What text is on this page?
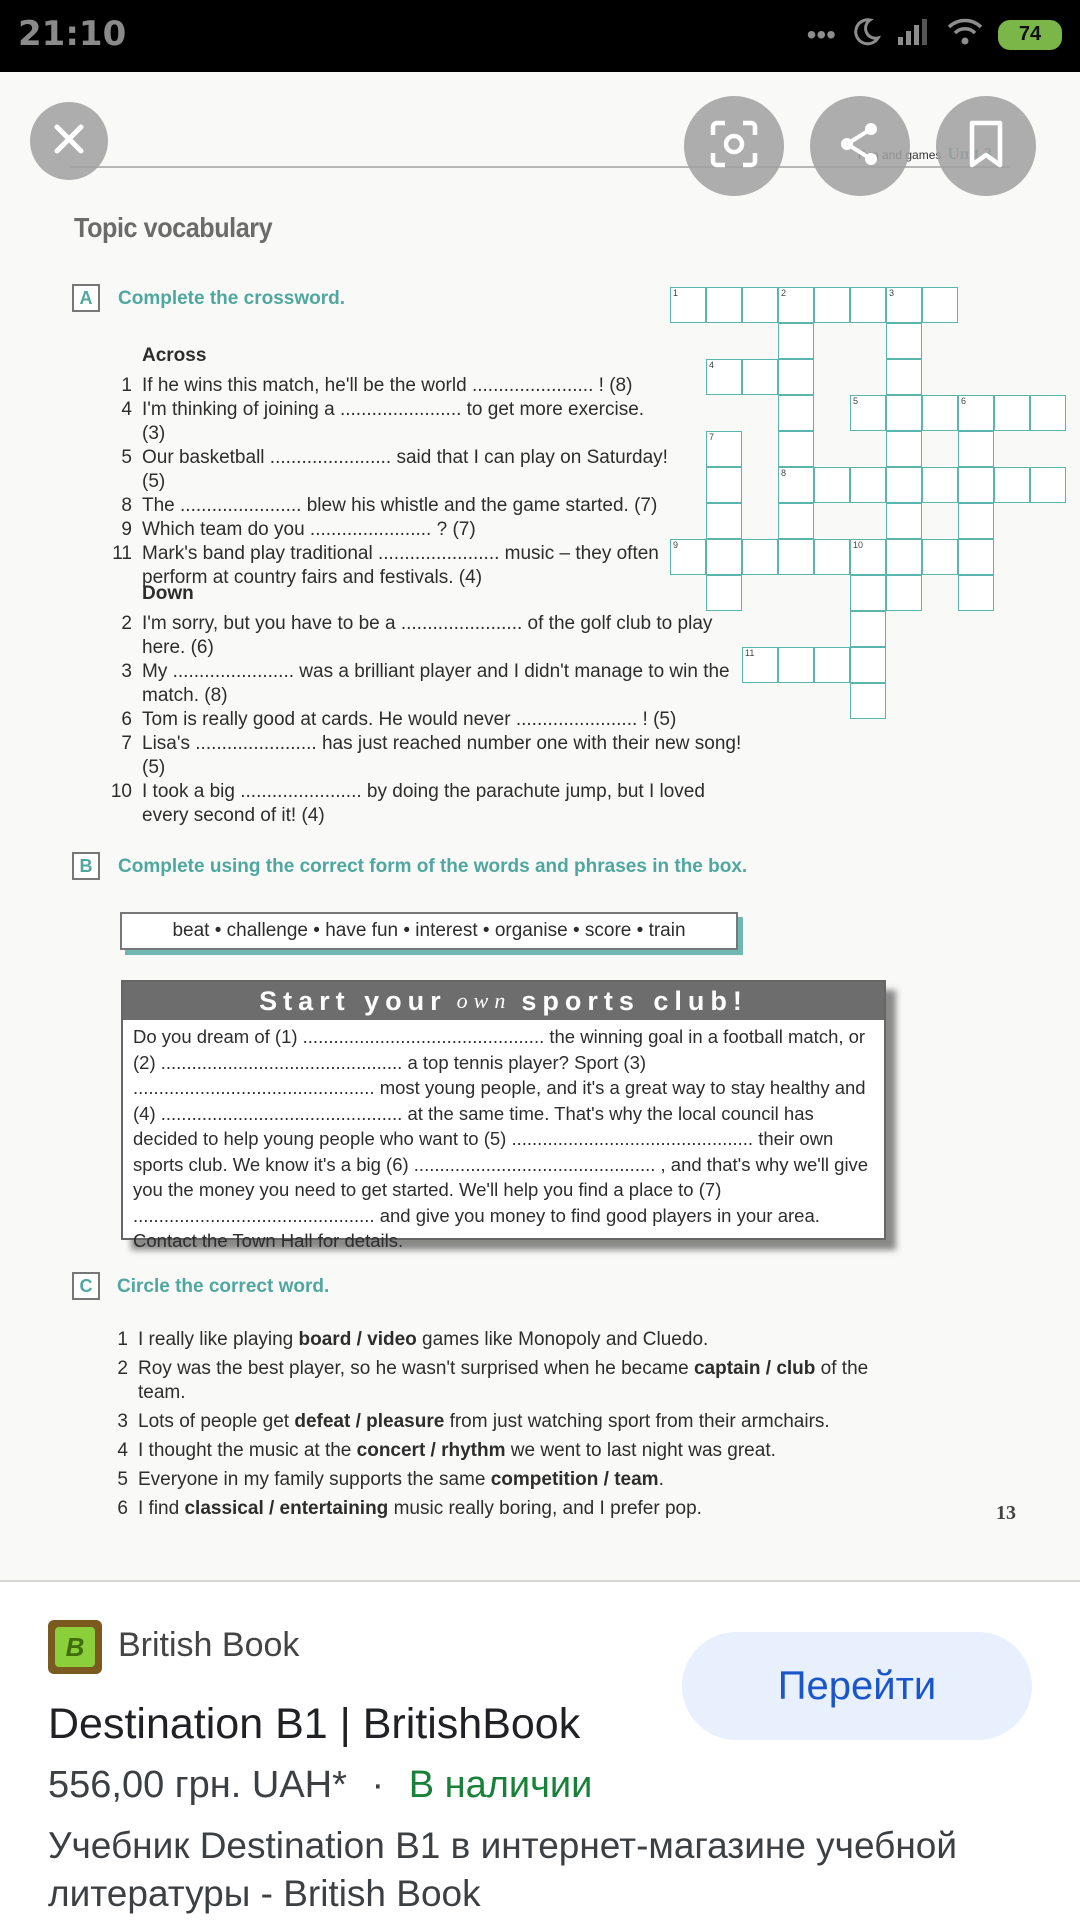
21:10	•••	74
games
Topic vocabulary
A	Complete the crossword.
Across
1 If he wins this match, he'll be the world ....................... ! (8)
4 I'm thinking of joining a ....................... to get more exercise. (3)
5 Our basketball ....................... said that I can play on Saturday! (5)
8 The ....................... blew his whistle and the game started. (7)
9 Which team do you ....................... ? (7)
11 Mark's band play traditional ....................... music – they often perform at country fairs and festivals. (4)
Down
2 I'm sorry, but you have to be a ....................... of the golf club to play here. (6)
3 My ....................... was a brilliant player and I didn't manage to win the match. (8)
6 Tom is really good at cards. He would never ....................... ! (5)
7 Lisa's ....................... has just reached number one with their new song! (5)
10 I took a big ....................... by doing the parachute jump, but I loved every second of it! (4)
1	2	3
4
5	6
7
8
9	10
11
B	Complete using the correct form of the words and phrases in the box.
beat • challenge • have fun • interest • organise • score • train
Start your own sports club!
Do you dream of (1) ............................................... the winning goal in a football match, or (2) ............................................... a top tennis player? Sport (3) ............................................... most young people, and it's a great way to stay healthy and (4) ............................................... at the same time. That's why the local council has decided to help young people who want to (5) ............................................... their own sports club. We know it's a big (6) ............................................... , and that's why we'll give you the money you need to get started. We'll help you find a place to (7) ............................................... and give you money to find good players in your area. Contact the Town Hall for details.
C	Circle the correct word.
1 I really like playing board / video games like Monopoly and Cluedo.
2 Roy was the best player, so he wasn't surprised when he became captain / club of the team.
3 Lots of people get defeat / pleasure from just watching sport from their armchairs.
4 I thought the music at the concert / rhythm we went to last night was great.
5 Everyone in my family supports the same competition / team.
6 I find classical / entertaining music really boring, and I prefer pop.	13
B British Book
Перейти
Destination B1 | BritishBook
556,00 грн. UAH* · В наличии
Учебник Destination B1 в интернет-магазине учебной литературы - British Book
